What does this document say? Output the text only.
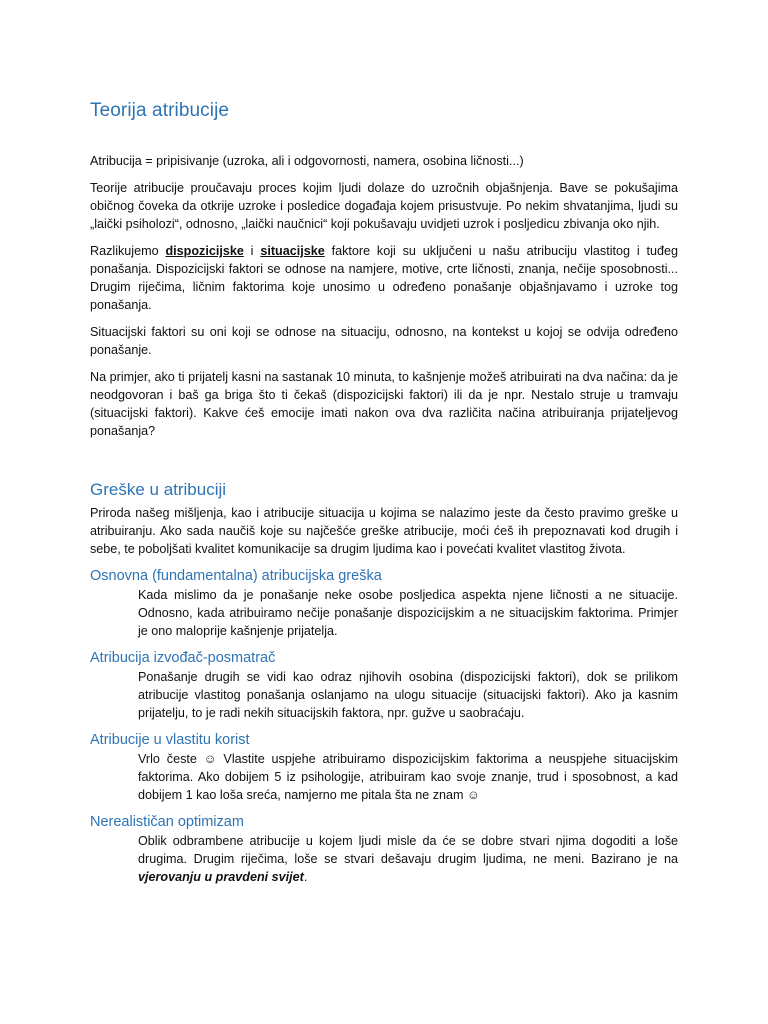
Teorija atribucije

Atribucija = pripisivanje (uzroka, ali i odgovornosti, namera, osobina ličnosti...)

Teorije atribucije proučavaju proces kojim ljudi dolaze do uzročnih objašnjenja. Bave se pokušajima običnog čoveka da otkrije uzroke i posledice događaja kojem prisustvuje. Po nekim shvatanjima, ljudi su „laički psiholozi“, odnosno, „laički naučnici“ koji pokušavaju uvidjeti uzrok i posljedicu zbivanja oko njih.

Razlikujemo dispozicijske i situacijske faktore koji su uključeni u našu atribuciju vlastitog i tuđeg ponašanja. Dispozicijski faktori se odnose na namjere, motive, crte ličnosti, znanja, nečije sposobnosti... Drugim riječima, ličnim faktorima koje unosimo u određeno ponašanje objašnjavamo i uzroke tog ponašanja.

Situacijski faktori su oni koji se odnose na situaciju, odnosno, na kontekst u kojoj se odvija određeno ponašanje.

Na primjer, ako ti prijatelj kasni na sastanak 10 minuta, to kašnjenje možeš atribuirati na dva načina: da je neodgovoran i baš ga briga što ti čekaš (dispozicijski faktori) ili da je npr. Nestalo struje u tramvaju (situacijski faktori). Kakve ćeš emocije imati nakon ova dva različita načina atribuiranja prijateljevog ponašanja?

Greške u atribuciji

Priroda našeg mišljenja, kao i atribucije situacija u kojima se nalazimo jeste da često pravimo greške u atribuiranju. Ako sada naučiš koje su najčešće greške atribucije, moći ćeš ih prepoznavati kod drugih i sebe, te poboljšati kvalitet komunikacije sa drugim ljudima kao i povećati kvalitet vlastitog života.

Osnovna (fundamentalna) atribucijska greška

Kada mislimo da je ponašanje neke osobe posljedica aspekta njene ličnosti a ne situacije. Odnosno, kada atribuiramo nečije ponašanje dispozicijskim a ne situacijskim faktorima. Primjer je ono maloprije kašnjenje prijatelja.

Atribucija izvođač-posmatrač

Ponašanje drugih se vidi kao odraz njihovih osobina (dispozicijski faktori), dok se prilikom atribucije vlastitog ponašanja oslanjamo na ulogu situacije (situacijski faktori). Ako ja kasnim prijatelju, to je radi nekih situacijskih faktora, npr. gužve u saobraćaju.

Atribucije u vlastitu korist

Vrlo česte ☺ Vlastite uspjehe atribuiramo dispozicijskim faktorima a neuspjehe situacijskim faktorima. Ako dobijem 5 iz psihologije, atribuiram kao svoje znanje, trud i sposobnost, a kad dobijem 1 kao loša sreća, namjerno me pitala šta ne znam ☺

Nerealističan optimizam

Oblik odbrambene atribucije u kojem ljudi misle da će se dobre stvari njima dogoditi a loše drugima. Drugim riječima, loše se stvari dešavaju drugim ljudima, ne meni. Bazirano je na vjerovanju u pravdeni svijet.
